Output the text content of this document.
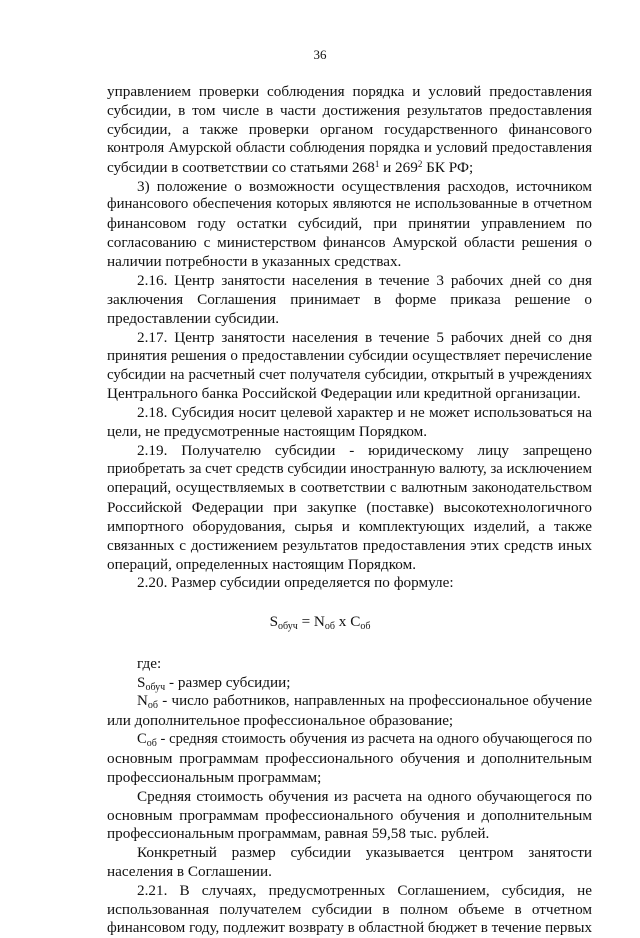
36
управлением проверки соблюдения порядка и условий предоставления
субсидии, в том числе в части достижения результатов предоставления
субсидии, а также проверки органом государственного финансового
контроля Амурской области соблюдения порядка и условий предоставления
субсидии в соответствии со статьями $268^1$ и $269^2$ БК РФ;
3) положение о возможности осуществления расходов, источником
финансового обеспечения которых являются не использованные в отчетном
финансовом году остатки субсидий, при принятии управлением по
согласованию с министерством финансов Амурской области решения о
наличии потребности в указанных средствах.
2.16. Центр занятости населения в течение 3 рабочих дней со дня
заключения Соглашения принимает в форме приказа решение о
предоставлении субсидии.
2.17. Центр занятости населения в течение 5 рабочих дней со дня
принятия решения о предоставлении субсидии осуществляет перечисление
субсидии на расчетный счет получателя субсидии, открытый в учреждениях
Центрального банка Российской Федерации или кредитной организации.
2.18. Субсидия носит целевой характер и не может использоваться на
цели, не предусмотренные настоящим Порядком.
2.19. Получателю субсидии - юридическому лицу запрещено
приобретать за счет средств субсидии иностранную валюту, за исключением
операций, осуществляемых в соответствии с валютным законодательством
Российской Федерации при закупке (поставке) высокотехнологичного
импортного оборудования, сырья и комплектующих изделий, а также
связанных с достижением результатов предоставления этих средств иных
операций, определенных настоящим Порядком.
2.20. Размер субсидии определяется по формуле:
$S_{обуч} = N_{об}$ x $C_{об}$
где:
$S_{обуч}$ - размер субсидии;
$N_{об}$ - число работников, направленных на профессиональное обучение
или дополнительное профессиональное образование;
$С_{об}$ - средняя стоимость обучения из расчета на одного обучающегося по
основным программам профессионального обучения и дополнительным
профессиональным программам;
Средняя стоимость обучения из расчета на одного обучающегося по
основным программам профессионального обучения и дополнительным
профессиональным программам, равная 59,58 тыс. рублей.
Конкретный размер субсидии указывается центром занятости
населения в Соглашении.
2.21. В случаях, предусмотренных Соглашением, субсидия, не
использованная получателем субсидии в полном объеме в отчетном
финансовом году, подлежит возврату в областной бюджет в течение первых
